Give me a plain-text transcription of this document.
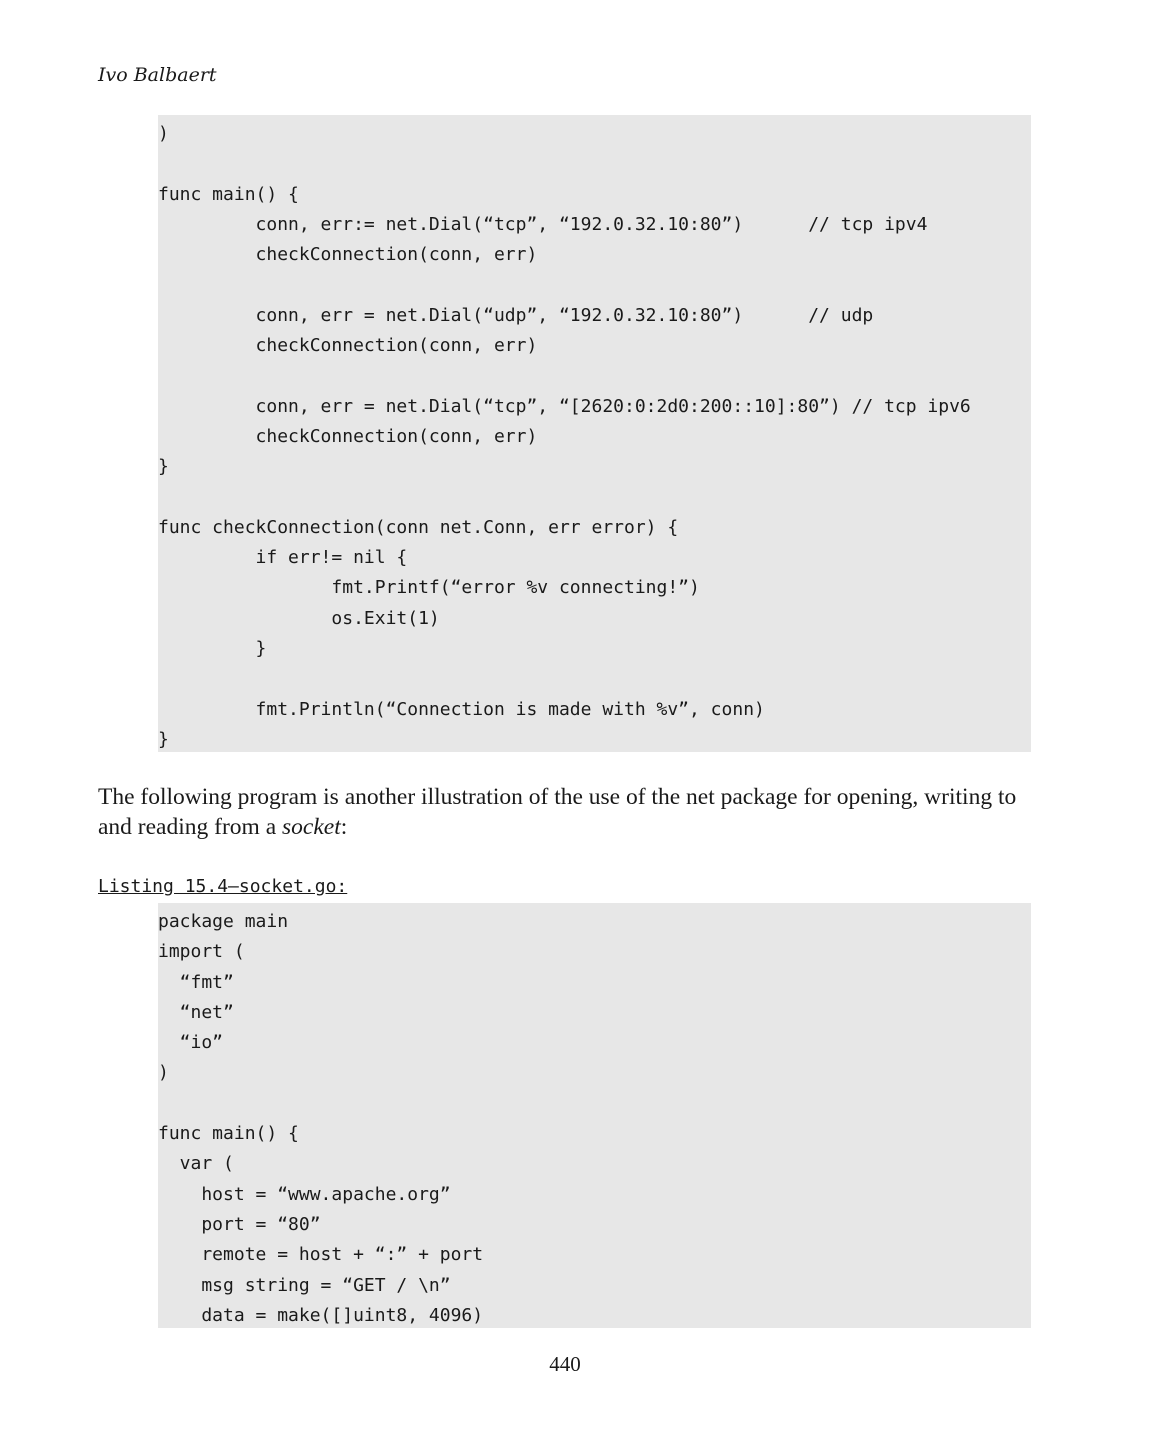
Ivo Balbaert
)
func main() {
conn, err:= net.Dial(“tcp”, “192.0.32.10:80”)      // tcp ipv4
checkConnection(conn, err)
conn, err = net.Dial(“udp”, “192.0.32.10:80”)      // udp
checkConnection(conn, err)
conn, err = net.Dial(“tcp”, “[2620:0:2d0:200::10]:80”) // tcp ipv6
checkConnection(conn, err)
}
func checkConnection(conn net.Conn, err error) {
if err!= nil {
fmt.Printf(“error %v connecting!”)
os.Exit(1)
}
fmt.Println(“Connection is made with %v”, conn)
}

The following program is another illustration of the use of the net package for opening, writing to and reading from a socket:

Listing 15.4—socket.go:
package main
import (
“fmt”
“net”
“io”
)
func main() {
var (
host = “www.apache.org”
port = “80”
remote = host + “:” + port
msg string = “GET / \n”
data = make([]uint8, 4096)
440
